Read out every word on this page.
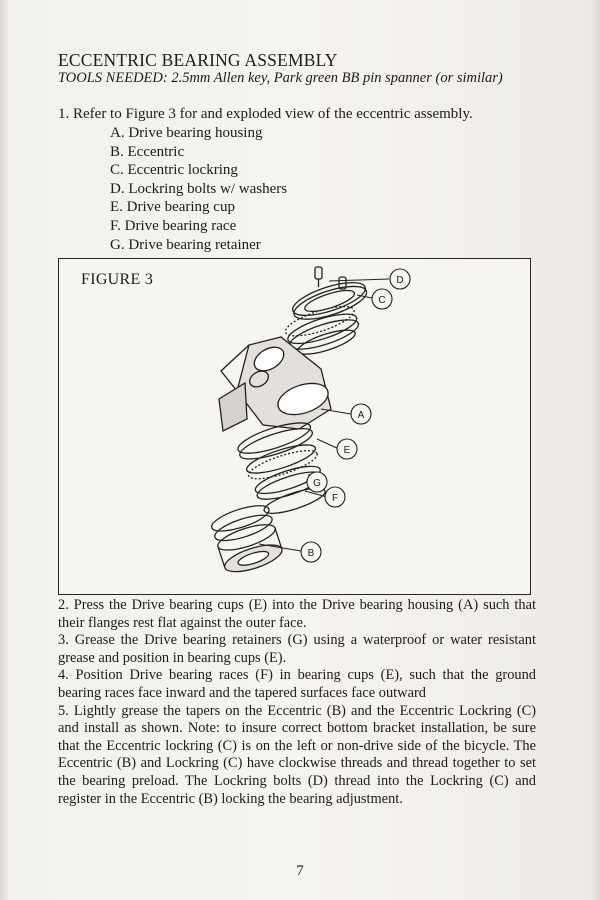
ECCENTRIC BEARING ASSEMBLY
TOOLS NEEDED: 2.5mm Allen key, Park green BB pin spanner (or similar)
1. Refer to Figure 3 for and exploded view of the eccentric assembly.
A. Drive bearing housing
B. Eccentric
C. Eccentric lockring
D. Lockring bolts w/ washers
E. Drive bearing cup
F. Drive bearing race
G. Drive bearing retainer
FIGURE 3	D
C
A
E
G
F
B

2. Press the Drive bearing cups (E) into the Drive bearing housing (A) such that their flanges rest flat against the outer face.

3. Grease the Drive bearing retainers (G) using a waterproof or water resistant grease and position in bearing cups (E).

4. Position Drive bearing races (F) in bearing cups (E), such that the ground bearing races face inward and the tapered surfaces face outward

5. Lightly grease the tapers on the Eccentric (B) and the Eccentric Lockring (C) and install as shown. Note: to insure correct bottom bracket installation, be sure that the Eccentric lockring (C) is on the left or non-drive side of the bicycle. The Eccentric (B) and Lockring (C) have clockwise threads and thread together to set the bearing preload. The Lockring bolts (D) thread into the Lockring (C) and register in the Eccentric (B) locking the bearing adjustment.

7
